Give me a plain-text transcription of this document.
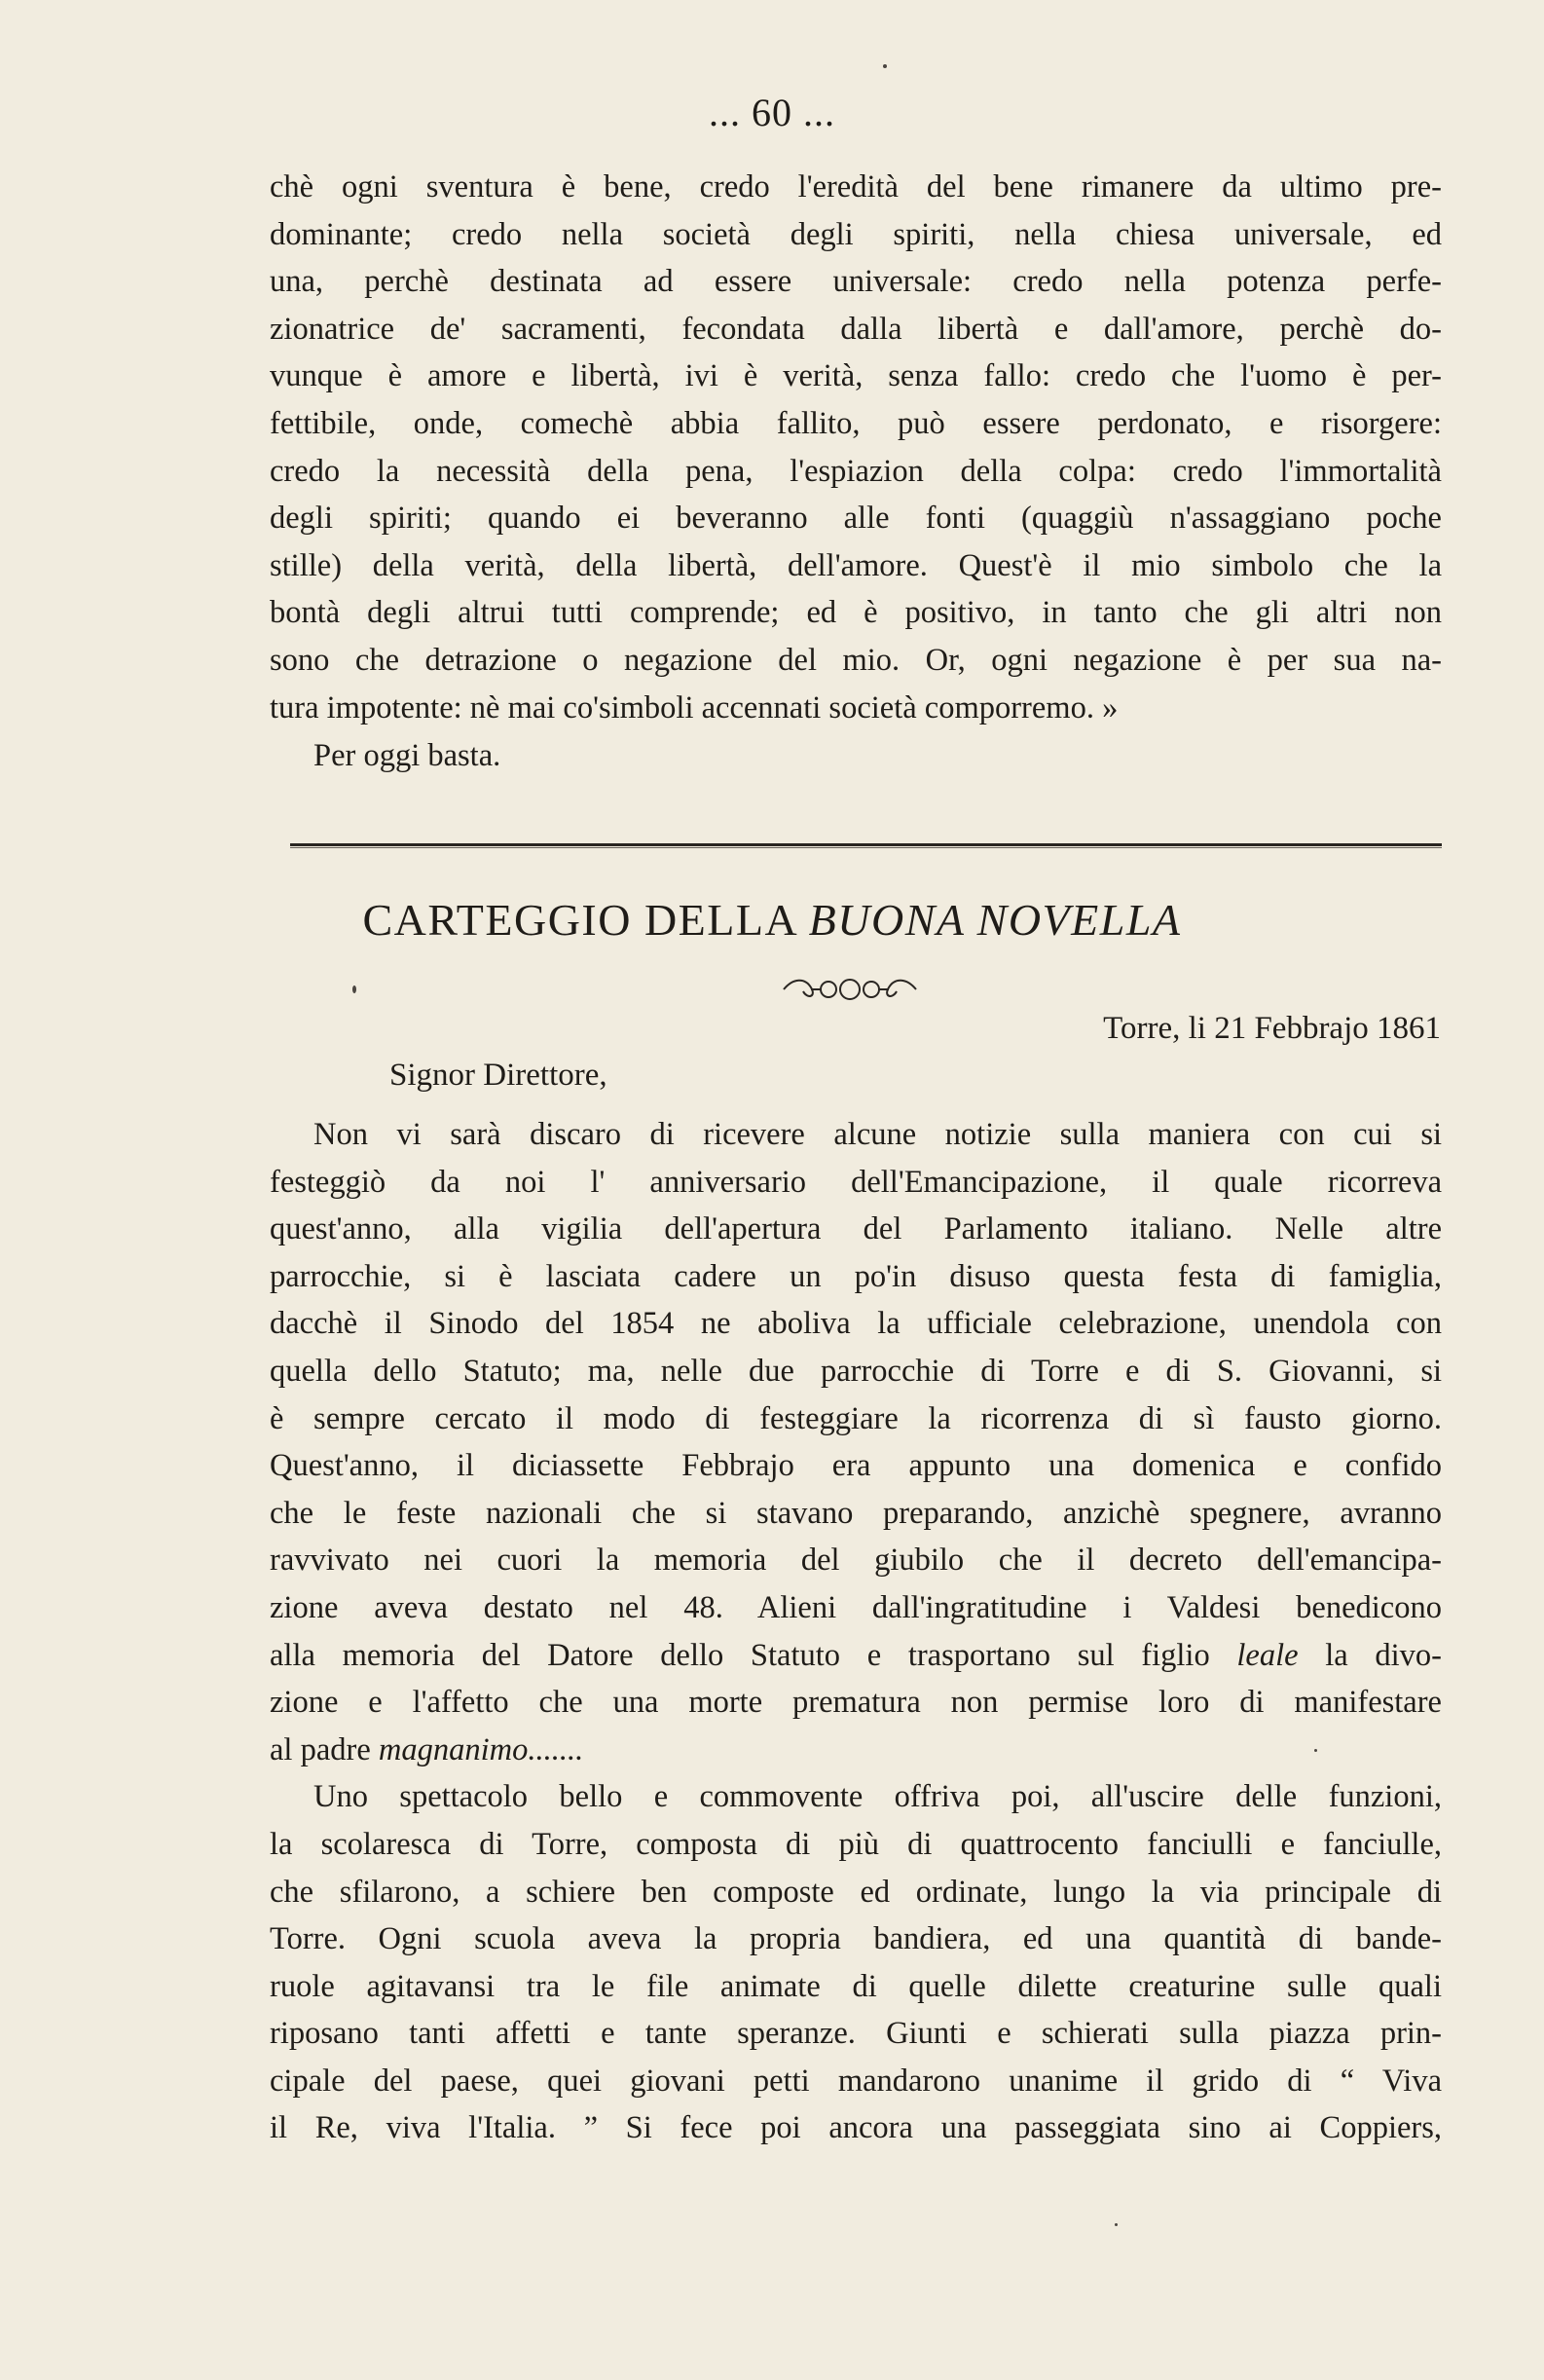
... 60 ...
chè ogni sventura è bene, credo l'eredità del bene rimanere da ultimo pre-
dominante; credo nella società degli spiriti, nella chiesa universale, ed
una, perchè destinata ad essere universale: credo nella potenza perfe-
zionatrice de' sacramenti, fecondata dalla libertà e dall'amore, perchè do-
vunque è amore e libertà, ivi è verità, senza fallo: credo che l'uomo è per-
fettibile, onde, comechè abbia fallito, può essere perdonato, e risorgere:
credo la necessità della pena, l'espiazion della colpa: credo l'immortalità
degli spiriti; quando ei beveranno alle fonti (quaggiù n'assaggiano poche
stille) della verità, della libertà, dell'amore. Quest'è il mio simbolo che la
bontà degli altrui tutti comprende; ed è positivo, in tanto che gli altri non
sono che detrazione o negazione del mio. Or, ogni negazione è per sua na-
tura impotente: nè mai co'simboli accennati società comporremo. »
Per oggi basta.
CARTEGGIO DELLA BUONA NOVELLA
Torre, li 21 Febbrajo 1861
Signor Direttore,
Non vi sarà discaro di ricevere alcune notizie sulla maniera con cui si
festeggiò da noi l' anniversario dell'Emancipazione, il quale ricorreva
quest'anno, alla vigilia dell'apertura del Parlamento italiano. Nelle altre
parrocchie, si è lasciata cadere un po'in disuso questa festa di famiglia,
dacchè il Sinodo del 1854 ne aboliva la ufficiale celebrazione, unendola con
quella dello Statuto; ma, nelle due parrocchie di Torre e di S. Giovanni, si
è sempre cercato il modo di festeggiare la ricorrenza di sì fausto giorno.
Quest'anno, il diciassette Febbrajo era appunto una domenica e confido
che le feste nazionali che si stavano preparando, anzichè spegnere, avranno
ravvivato nei cuori la memoria del giubilo che il decreto dell'emancipa-
zione aveva destato nel 48. Alieni dall'ingratitudine i Valdesi benedicono
alla memoria del Datore dello Statuto e trasportano sul figlio leale la divo-
zione e l'affetto che una morte prematura non permise loro di manifestare
al padre magnanimo.......
Uno spettacolo bello e commovente offriva poi, all'uscire delle funzioni,
la scolaresca di Torre, composta di più di quattrocento fanciulli e fanciulle,
che sfilarono, a schiere ben composte ed ordinate, lungo la via principale di
Torre. Ogni scuola aveva la propria bandiera, ed una quantità di bande-
ruole agitavansi tra le file animate di quelle dilette creaturine sulle quali
riposano tanti affetti e tante speranze. Giunti e schierati sulla piazza prin-
cipale del paese, quei giovani petti mandarono unanime il grido di “ Viva
il Re, viva l'Italia. ” Si fece poi ancora una passeggiata sino ai Coppiers,
